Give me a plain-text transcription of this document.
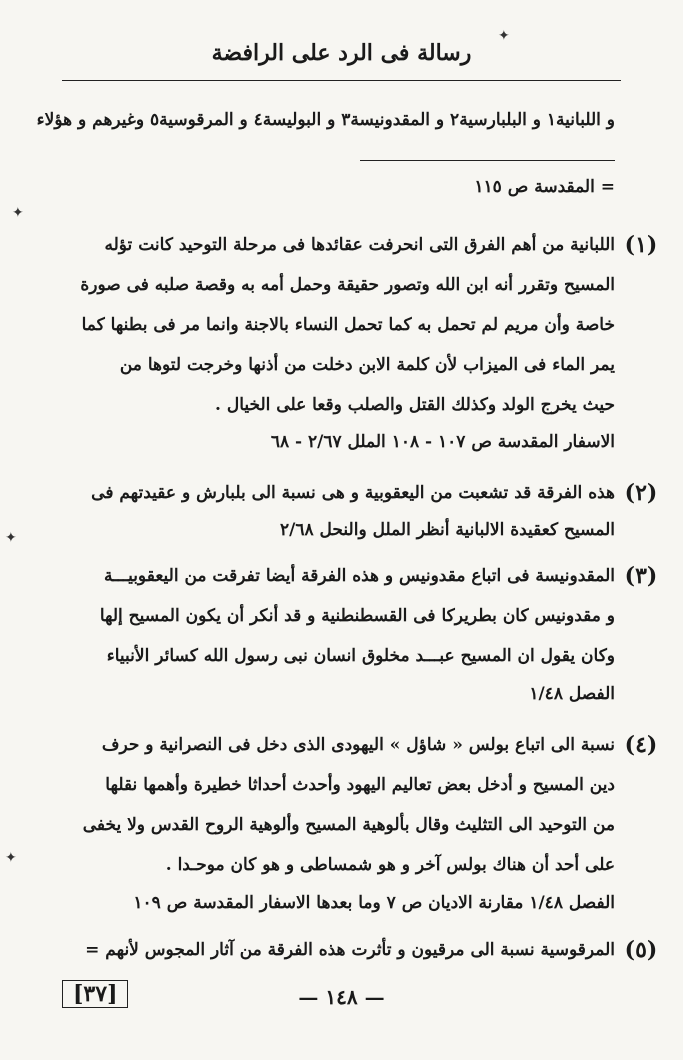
رسالة فى الرد على الرافضة
و اللبانية١ و البلبارسية٢ و المقدونيسة٣ و البوليسة٤ و المرقوسية٥ وغيرهم و هؤلاء
= المقدسة ص ١١٥
(١)
اللبانية من أهم الفرق التى انحرفت عقائدها فى مرحلة التوحيد كانت تؤله
المسيح وتقرر أنه ابن الله وتصور حقيقة وحمل أمه به وقصة صلبه فى صورة
خاصة وأن مريم لم تحمل به كما تحمل النساء بالاجنة وانما مر فى بطنها كما
يمر الماء فى الميزاب لأن كلمة الابن دخلت من أذنها وخرجت لتوها من
حيث يخرج الولد وكذلك القتل والصلب وقعا على الخيال .
الاسفار المقدسة ص ١٠٧ - ١٠٨ الملل ٢/٦٧ - ٦٨
(٢)
هذه الفرقة قد تشعبت من اليعقوبية و هى نسبة الى بلبارش و عقيدتهم فى
المسيح كعقيدة الالبانية أنظر الملل والنحل ٢/٦٨
(٣)
المقدونيسة فى اتباع مقدونيس و هذه الفرقة أيضا تفرقت من اليعقوبيـــة
و مقدونيس كان بطريركا فى القسطنطنية و قد أنكر أن يكون المسيح إلها
وكان يقول ان المسيح عبـــد مخلوق انسان نبى رسول الله كسائر الأنبياء
الفصل ١/٤٨
(٤)
نسبة الى اتباع بولس « شاؤل » اليهودى الذى دخل فى النصرانية و حرف
دين المسيح و أدخل بعض تعاليم اليهود وأحدث أحداثا خطيرة وأهمها نقلها
من التوحيد الى التثليث وقال بألوهية المسيح وألوهية الروح القدس ولا يخفى
على أحد أن هناك بولس آخر و هو شمساطى و هو كان موحـدا .
الفصل ١/٤٨ مقارنة الاديان ص ٧ وما بعدها الاسفار المقدسة ص ١٠٩
(٥)
المرقوسية نسبة الى مرقيون و تأثرت هذه الفرقة من آثار المجوس لأنهم =
— ١٤٨ —
[٣٧]
✦
✦
✦
✦
